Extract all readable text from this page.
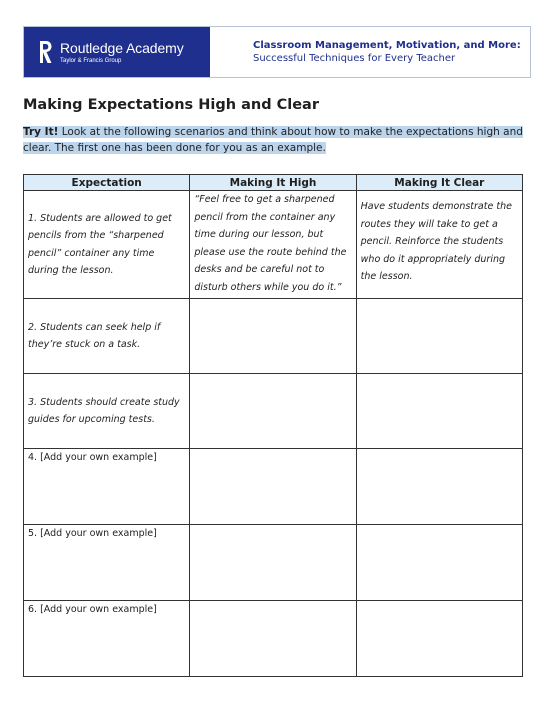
Routledge Academy
Taylor & Francis Group
Classroom Management, Motivation, and More:
Successful Techniques for Every Teacher
Making Expectations High and Clear
Try It! Look at the following scenarios and think about how to make the expectations high and clear. The first one has been done for you as an example.
Expectation	Making It High	Making It Clear
1. Students are allowed to get pencils from the “sharpened pencil” container any time during the lesson.	“Feel free to get a sharpened pencil from the container any time during our lesson, but please use the route behind the desks and be careful not to disturb others while you do it.”	Have students demonstrate the routes they will take to get a pencil. Reinforce the students who do it appropriately during the lesson.
2. Students can seek help if they’re stuck on a task.		
3. Students should create study guides for upcoming tests.		
4. [Add your own example]		
5. [Add your own example]		
6. [Add your own example]		
